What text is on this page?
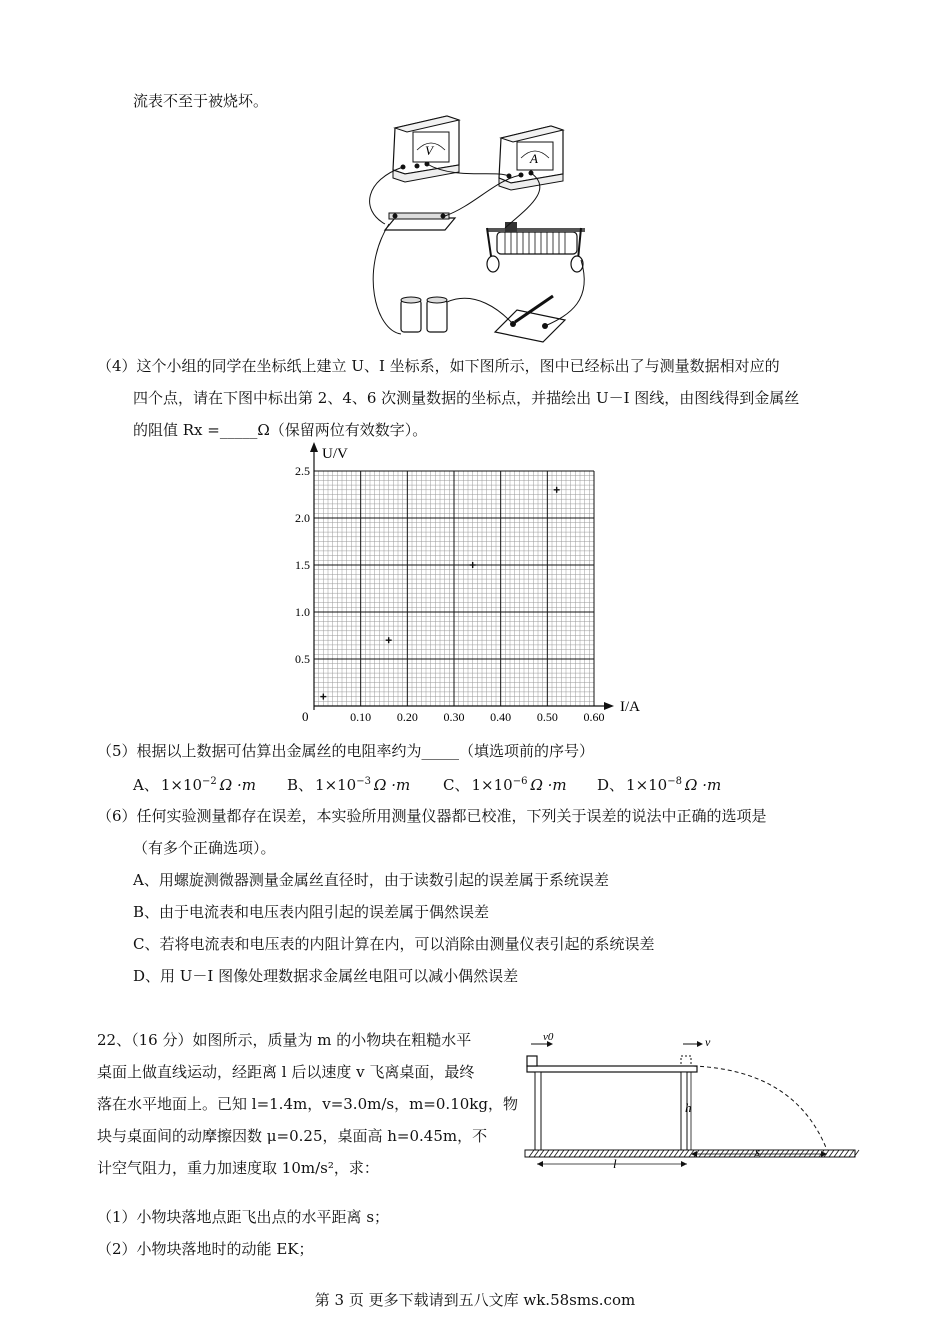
流表不至于被烧坏。
V
A
（4）这个小组的同学在坐标纸上建立 U、I 坐标系，如下图所示，图中已经标出了与测量数据相对应的
四个点，请在下图中标出第 2、4、6 次测量数据的坐标点，并描绘出 U－I 图线，由图线得到金属丝
的阻值 Rx =_____Ω（保留两位有效数字）。
U/V
I/A
0	0.10 0.20 0.30 0.40 0.50 0.60
0.5
1.0
1.5
2.0
2.5
（5）根据以上数据可估算出金属丝的电阻率约为_____（填选项前的序号）
A、 $1\times 10^{-2}$ Ω ·m B、 $1\times 10^{-3}$ Ω ·m C、 $1\times 10^{-6}$ Ω ·m D、 $1\times 10^{-8}$ Ω ·m
（6）任何实验测量都存在误差，本实验所用测量仪器都已校准，下列关于误差的说法中正确的选项是
（有多个正确选项）。
A、用螺旋测微器测量金属丝直径时，由于读数引起的误差属于系统误差
B、由于电流表和电压表内阻引起的误差属于偶然误差
C、若将电流表和电压表的内阻计算在内，可以消除由测量仪表引起的系统误差
D、用 U－I 图像处理数据求金属丝电阻可以减小偶然误差
22、（16 分）如图所示，质量为 m 的小物块在粗糙水平
桌面上做直线运动，经距离 l 后以速度 v 飞离桌面，最终
落在水平地面上。已知 l=1.4m，v=3.0m/s，m=0.10kg，物
块与桌面间的动摩擦因数 μ=0.25，桌面高 h=0.45m，不
计空气阻力，重力加速度取 10m/s²，求：
v0	v
h
l
s
（1）小物块落地点距飞出点的水平距离 s；
（2）小物块落地时的动能 EK；
第 3 页 更多下载请到五八文库 wk.58sms.com
